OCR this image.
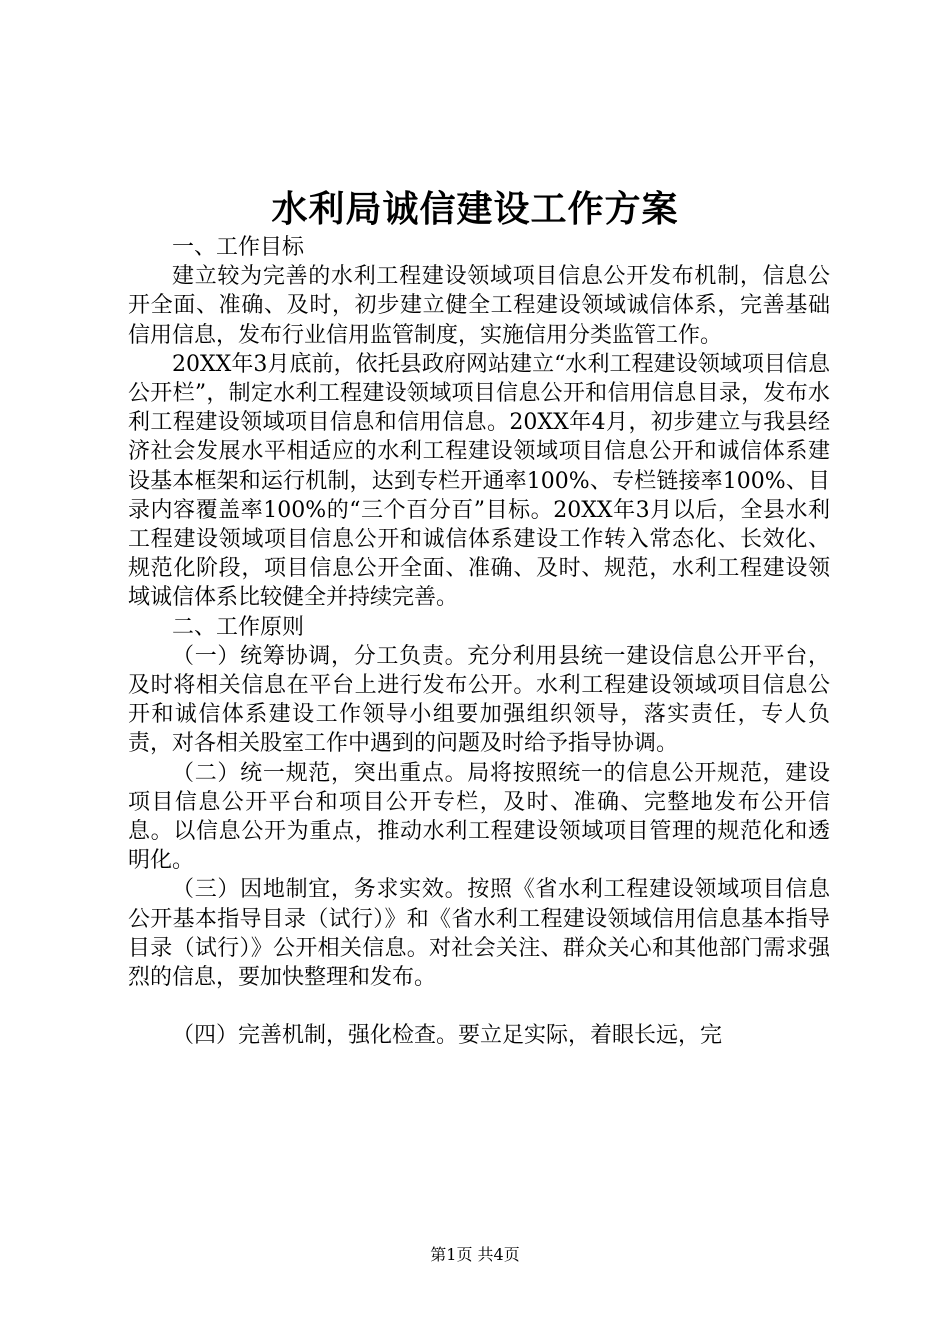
水利局诚信建设工作方案

一、工作目标

建立较为完善的水利工程建设领域项目信息公开发布机制，信息公开全面、准确、及时，初步建立健全工程建设领域诚信体系，完善基础信用信息，发布行业信用监管制度，实施信用分类监管工作。

20XX年3月底前，依托县政府网站建立“水利工程建设领域项目信息公开栏”，制定水利工程建设领域项目信息公开和信用信息目录，发布水利工程建设领域项目信息和信用信息。20XX年4月，初步建立与我县经济社会发展水平相适应的水利工程建设领域项目信息公开和诚信体系建设基本框架和运行机制，达到专栏开通率100%、专栏链接率100%、目录内容覆盖率100%的“三个百分百”目标。20XX年3月以后，全县水利工程建设领域项目信息公开和诚信体系建设工作转入常态化、长效化、规范化阶段，项目信息公开全面、准确、及时、规范，水利工程建设领域诚信体系比较健全并持续完善。

二、工作原则

（一）统筹协调，分工负责。充分利用县统一建设信息公开平台，及时将相关信息在平台上进行发布公开。水利工程建设领域项目信息公开和诚信体系建设工作领导小组要加强组织领导，落实责任，专人负责，对各相关股室工作中遇到的问题及时给予指导协调。

（二）统一规范，突出重点。局将按照统一的信息公开规范，建设项目信息公开平台和项目公开专栏，及时、准确、完整地发布公开信息。以信息公开为重点，推动水利工程建设领域项目管理的规范化和透明化。

（三）因地制宜，务求实效。按照《省水利工程建设领域项目信息公开基本指导目录（试行）》和《省水利工程建设领域信用信息基本指导目录（试行）》公开相关信息。对社会关注、群众关心和其他部门需求强烈的信息，要加快整理和发布。

（四）完善机制，强化检查。要立足实际，着眼长远，完

第1页 共4页
